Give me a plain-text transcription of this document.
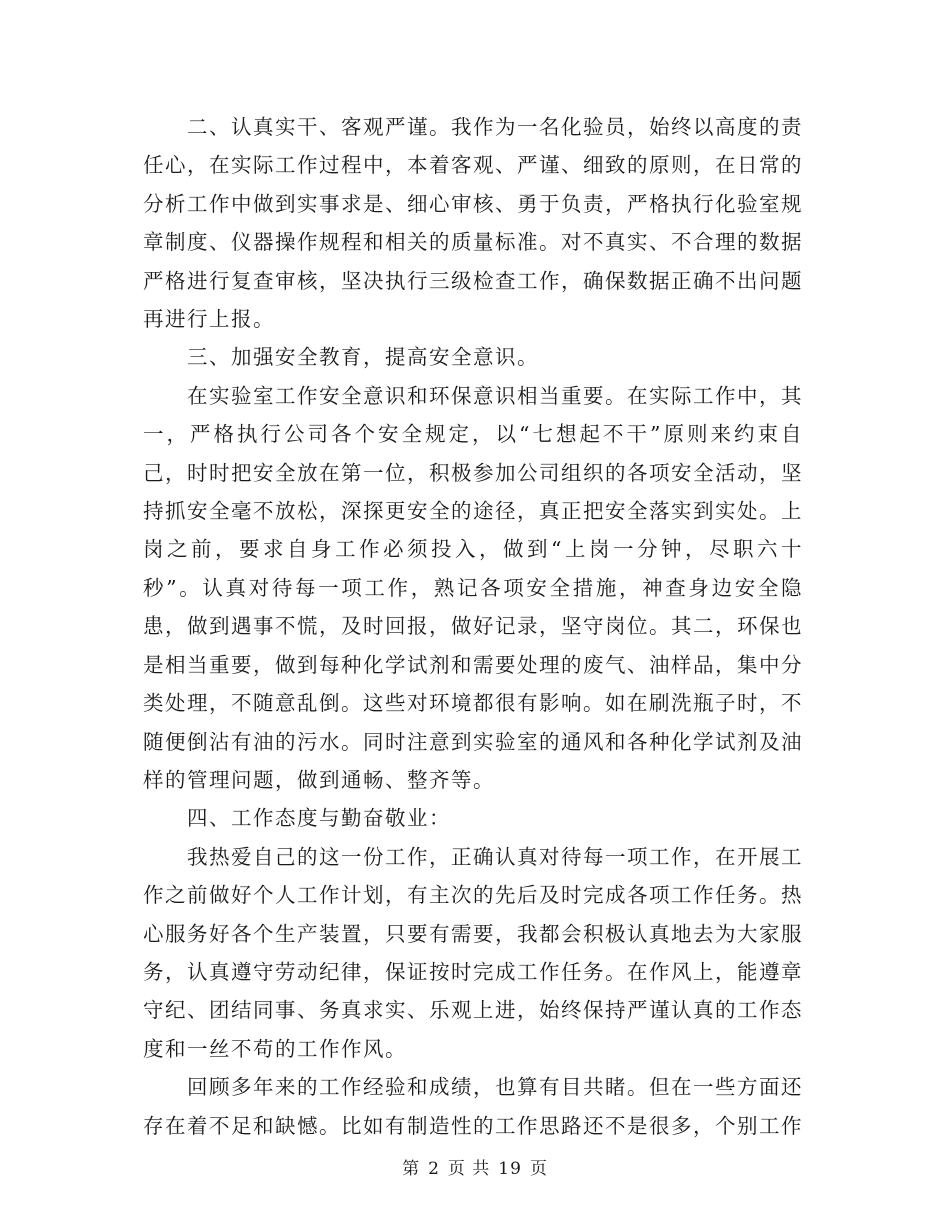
二、认真实干、客观严谨。我作为一名化验员，始终以高度的责任心，在实际工作过程中，本着客观、严谨、细致的原则，在日常的分析工作中做到实事求是、细心审核、勇于负责，严格执行化验室规章制度、仪器操作规程和相关的质量标准。对不真实、不合理的数据严格进行复查审核，坚决执行三级检查工作，确保数据正确不出问题再进行上报。

三、加强安全教育，提高安全意识。

在实验室工作安全意识和环保意识相当重要。在实际工作中，其一，严格执行公司各个安全规定，以“七想起不干”原则来约束自己，时时把安全放在第一位，积极参加公司组织的各项安全活动，坚持抓安全毫不放松，深探更安全的途径，真正把安全落实到实处。上岗之前，要求自身工作必须投入，做到“上岗一分钟，尽职六十秒”。认真对待每一项工作，熟记各项安全措施，神查身边安全隐患，做到遇事不慌，及时回报，做好记录，坚守岗位。其二，环保也是相当重要，做到每种化学试剂和需要处理的废气、油样品，集中分类处理，不随意乱倒。这些对环境都很有影响。如在刷洗瓶子时，不随便倒沾有油的污水。同时注意到实验室的通风和各种化学试剂及油样的管理问题，做到通畅、整齐等。

四、工作态度与勤奋敬业：

我热爱自己的这一份工作，正确认真对待每一项工作，在开展工作之前做好个人工作计划，有主次的先后及时完成各项工作任务。热心服务好各个生产装置，只要有需要，我都会积极认真地去为大家服务，认真遵守劳动纪律，保证按时完成工作任务。在作风上，能遵章守纪、团结同事、务真求实、乐观上进，始终保持严谨认真的工作态度和一丝不苟的工作作风。

回顾多年来的工作经验和成绩，也算有目共睹。但在一些方面还存在着不足和缺憾。比如有制造性的工作思路还不是很多，个别工作

第 2 页 共 19 页
